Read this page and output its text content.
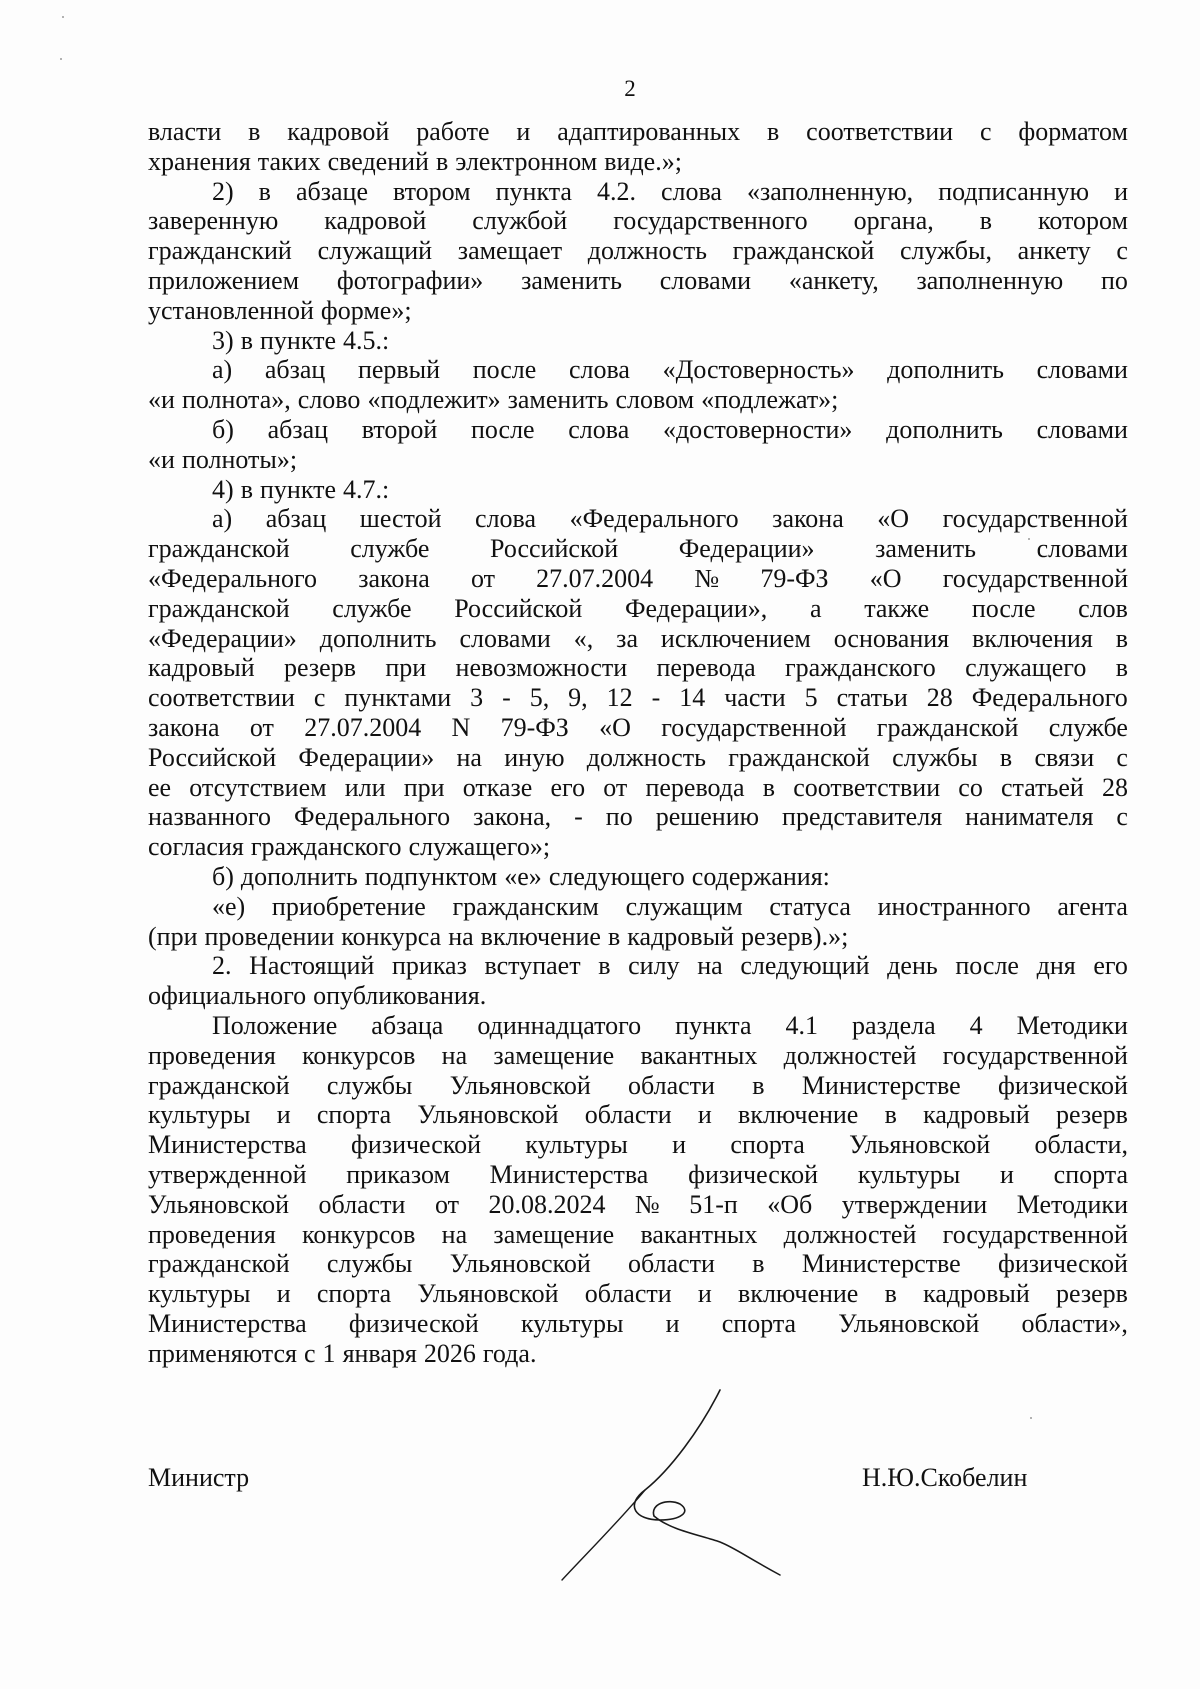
2
власти в кадровой работе и адаптированных в соответствии с форматом
хранения таких сведений в электронном виде.»;
2) в абзаце втором пункта 4.2. слова «заполненную, подписанную и
заверенную кадровой службой государственного органа, в котором
гражданский служащий замещает должность гражданской службы, анкету с
приложением фотографии» заменить словами «анкету, заполненную по
установленной форме»;
3) в пункте 4.5.:
а) абзац первый после слова «Достоверность» дополнить словами
«и полнота», слово «подлежит» заменить словом «подлежат»;
б) абзац второй после слова «достоверности» дополнить словами
«и полноты»;
4) в пункте 4.7.:
а) абзац шестой слова «Федерального закона «О государственной
гражданской службе Российской Федерации» заменить словами
«Федерального закона от 27.07.2004 № 79-ФЗ «О государственной
гражданской службе Российской Федерации», а также после слов
«Федерации» дополнить словами «, за исключением основания включения в
кадровый резерв при невозможности перевода гражданского служащего в
соответствии с пунктами 3 - 5, 9, 12 - 14 части 5 статьи 28 Федерального
закона от 27.07.2004 N 79-ФЗ «О государственной гражданской службе
Российской Федерации» на иную должность гражданской службы в связи с
ее отсутствием или при отказе его от перевода в соответствии со статьей 28
названного Федерального закона, - по решению представителя нанимателя с
согласия гражданского служащего»;
б) дополнить подпунктом «е» следующего содержания:
«е) приобретение гражданским служащим статуса иностранного агента
(при проведении конкурса на включение в кадровый резерв).»;
2. Настоящий приказ вступает в силу на следующий день после дня его
официального опубликования.
Положение абзаца одиннадцатого пункта 4.1 раздела 4 Методики
проведения конкурсов на замещение вакантных должностей государственной
гражданской службы Ульяновской области в Министерстве физической
культуры и спорта Ульяновской области и включение в кадровый резерв
Министерства физической культуры и спорта Ульяновской области,
утвержденной приказом Министерства физической культуры и спорта
Ульяновской области от 20.08.2024 № 51-п «Об утверждении Методики
проведения конкурсов на замещение вакантных должностей государственной
гражданской службы Ульяновской области в Министерстве физической
культуры и спорта Ульяновской области и включение в кадровый резерв
Министерства физической культуры и спорта Ульяновской области»,
применяются с 1 января 2026 года.
Министр	Н.Ю.Скобелин
